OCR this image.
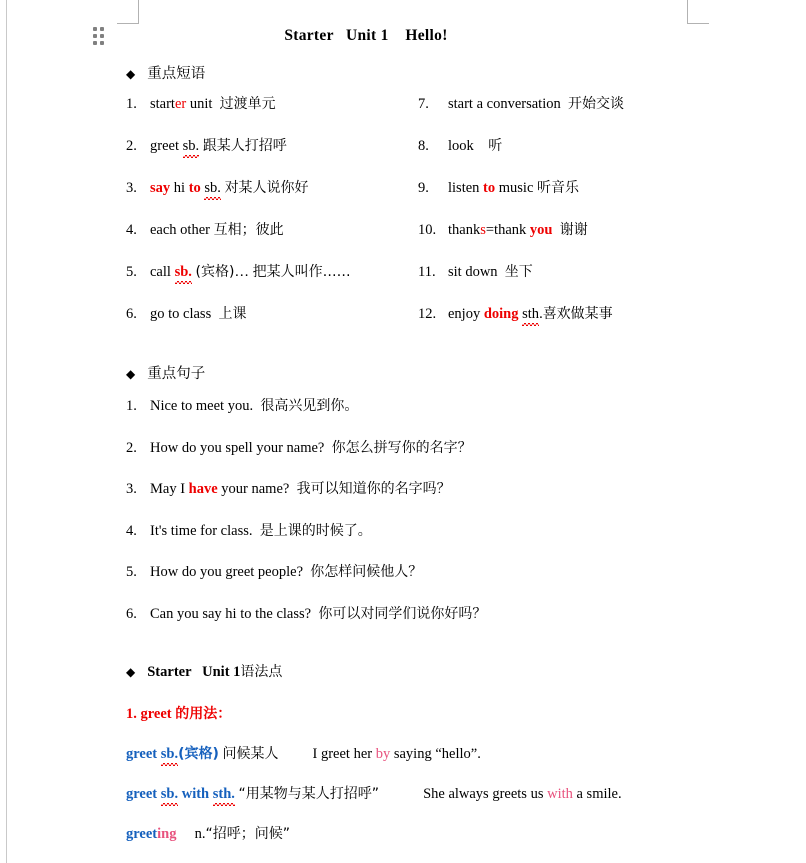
Starter   Unit 1    Hello!
◆ 重点短语
1. starter unit  过渡单元	7.	start a conversation  开始交谈
2. greet sb. 跟某人打招呼	8.	look    听
3. say hi to sb. 对某人说你好	9.	listen to music 听音乐
4. each other 互相；彼此	10. thanks=thank you 谢谢
5. call sb. (宾格)… 把某人叫作……	11. sit down  坐下
6. go to class  上课	12. enjoy doing sth.喜欢做某事
◆ 重点句子
1. Nice to meet you.  很高兴见到你。
2. How do you spell your name?  你怎么拼写你的名字？
3. May I have your name?  我可以知道你的名字吗？
4. It's time for class.  是上课的时候了。
5. How do you greet people?  你怎样问候他人？
6. Can you say hi to the class?  你可以对同学们说你好吗？
◆ Starter   Unit 1 语法点
1. greet 的用法：
greet sb.(宾格) 问候某人 I greet her by saying “hello”.
greet sb. with sth. “用某物与某人打招呼”	She always greets us with a smile.
greeting n.“招呼；问候”
